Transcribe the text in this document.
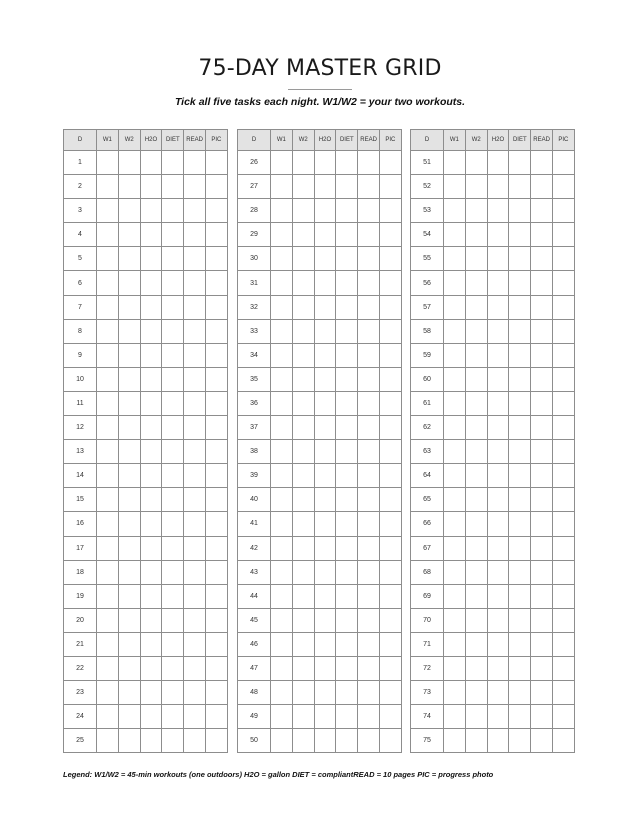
75-DAY MASTER GRID
Tick all five tasks each night. W1/W2 = your two workouts.
D	W1	W2	H2O	DIET	READ	PIC
1						
2						
3						
4						
5						
6						
7						
8						
9						
10						
11						
12						
13						
14						
15						
16						
17						
18						
19						
20						
21						
22						
23						
24						
25						
D	W1	W2	H2O	DIET	READ	PIC
26						
27						
28						
29						
30						
31						
32						
33						
34						
35						
36						
37						
38						
39						
40						
41						
42						
43						
44						
45						
46						
47						
48						
49						
50						
D	W1	W2	H2O	DIET	READ	PIC
51						
52						
53						
54						
55						
56						
57						
58						
59						
60						
61						
62						
63						
64						
65						
66						
67						
68						
69						
70						
71						
72						
73						
74						
75						
Legend: W1/W2 = 45-min workouts (one outdoors) H2O = gallon DIET = compliantREAD = 10 pages PIC = progress photo
